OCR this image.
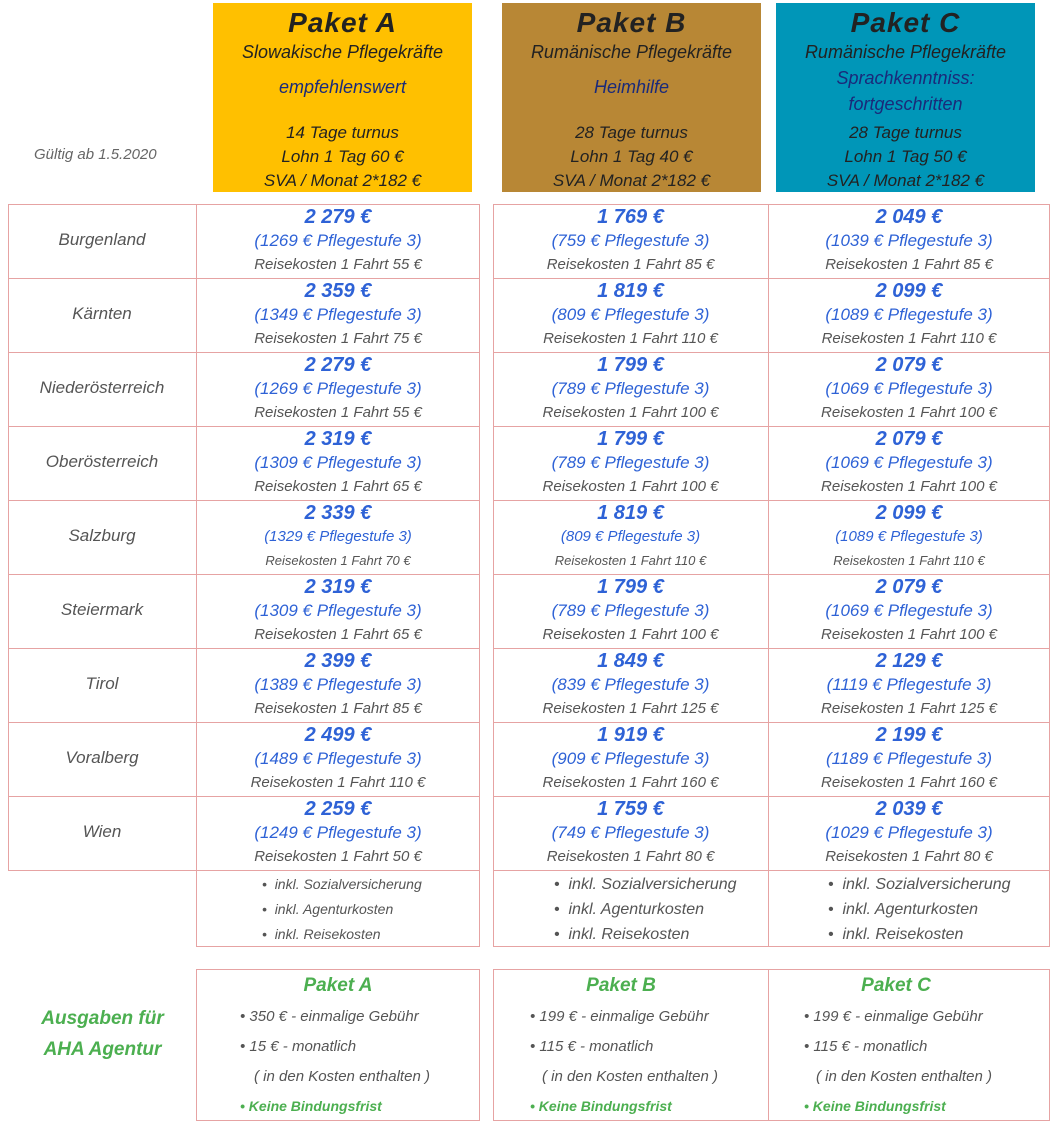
Paket A
Slowakische Pflegekräfte
empfehlenswert
14 Tage turnus
Lohn 1 Tag 60 €
SVA / Monat 2*182 €
Paket B
Rumänische Pflegekräfte
Heimhilfe
28 Tage turnus
Lohn 1 Tag 40 €
SVA / Monat 2*182 €
Paket C
Rumänische Pflegekräfte
Sprachkenntniss:
fortgeschritten
28 Tage turnus
Lohn 1 Tag 50 €
SVA / Monat 2*182 €
Gültig ab 1.5.2020
Burgenland
2 279 €
(1269 € Pflegestufe 3)
Reisekosten 1 Fahrt 55 €
1 769 €
(759 € Pflegestufe 3)
Reisekosten 1 Fahrt 85 €
2 049 €
(1039 € Pflegestufe 3)
Reisekosten 1 Fahrt 85 €
Kärnten
2 359 €
(1349 € Pflegestufe 3)
Reisekosten 1 Fahrt 75 €
1 819 €
(809 € Pflegestufe 3)
Reisekosten 1 Fahrt 110 €
2 099 €
(1089 € Pflegestufe 3)
Reisekosten 1 Fahrt 110 €
Niederösterreich
2 279 €
(1269 € Pflegestufe 3)
Reisekosten 1 Fahrt 55 €
1 799 €
(789 € Pflegestufe 3)
Reisekosten 1 Fahrt 100 €
2 079 €
(1069 € Pflegestufe 3)
Reisekosten 1 Fahrt 100 €
Oberösterreich
2 319 €
(1309 € Pflegestufe 3)
Reisekosten 1 Fahrt 65 €
1 799 €
(789 € Pflegestufe 3)
Reisekosten 1 Fahrt 100 €
2 079 €
(1069 € Pflegestufe 3)
Reisekosten 1 Fahrt 100 €
Salzburg
2 339 €
(1329 € Pflegestufe 3)
Reisekosten 1 Fahrt 70 €
1 819 €
(809 € Pflegestufe 3)
Reisekosten 1 Fahrt 110 €
2 099 €
(1089 € Pflegestufe 3)
Reisekosten 1 Fahrt 110 €
Steiermark
2 319 €
(1309 € Pflegestufe 3)
Reisekosten 1 Fahrt 65 €
1 799 €
(789 € Pflegestufe 3)
Reisekosten 1 Fahrt 100 €
2 079 €
(1069 € Pflegestufe 3)
Reisekosten 1 Fahrt 100 €
Tirol
2 399 €
(1389 € Pflegestufe 3)
Reisekosten 1 Fahrt 85 €
1 849 €
(839 € Pflegestufe 3)
Reisekosten 1 Fahrt 125 €
2 129 €
(1119 € Pflegestufe 3)
Reisekosten 1 Fahrt 125 €
Voralberg
2 499 €
(1489 € Pflegestufe 3)
Reisekosten 1 Fahrt 110 €
1 919 €
(909 € Pflegestufe 3)
Reisekosten 1 Fahrt 160 €
2 199 €
(1189 € Pflegestufe 3)
Reisekosten 1 Fahrt 160 €
Wien
2 259 €
(1249 € Pflegestufe 3)
Reisekosten 1 Fahrt 50 €
1 759 €
(749 € Pflegestufe 3)
Reisekosten 1 Fahrt 80 €
2 039 €
(1029 € Pflegestufe 3)
Reisekosten 1 Fahrt 80 €
•  inkl. Sozialversicherung
•  inkl. Agenturkosten
•  inkl. Reisekosten
•  inkl. Sozialversicherung
•  inkl. Agenturkosten
•  inkl. Reisekosten
•  inkl. Sozialversicherung
•  inkl. Agenturkosten
•  inkl. Reisekosten
Ausgaben für
AHA Agentur
Paket A
• 350 € - einmalige Gebühr
• 15 € - monatlich
( in den Kosten enthalten )
• Keine Bindungsfrist
Paket B
• 199 € - einmalige Gebühr
• 115 € - monatlich
( in den Kosten enthalten )
• Keine Bindungsfrist
Paket C
• 199 € - einmalige Gebühr
• 115 € - monatlich
( in den Kosten enthalten )
• Keine Bindungsfrist
